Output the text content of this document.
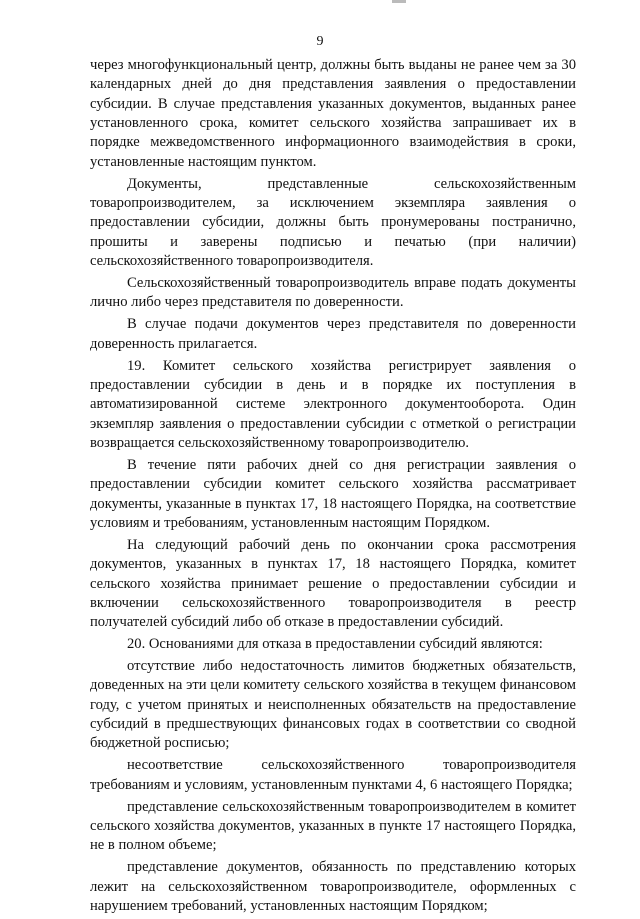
9

через многофункциональный центр, должны быть выданы не ранее чем за 30 календарных дней до дня представления заявления о предоставлении субсидии. В случае представления указанных документов, выданных ранее установленного срока, комитет сельского хозяйства запрашивает их в порядке межведомственного информационного взаимодействия в сроки, установленные настоящим пунктом.

Документы, представленные сельскохозяйственным товаропроизводителем, за исключением экземпляра заявления о предоставлении субсидии, должны быть пронумерованы постранично, прошиты и заверены подписью и печатью (при наличии) сельскохозяйственного товаропроизводителя.

Сельскохозяйственный товаропроизводитель вправе подать документы лично либо через представителя по доверенности.

В случае подачи документов через представителя по доверенности доверенность прилагается.

19. Комитет сельского хозяйства регистрирует заявления о предоставлении субсидии в день и в порядке их поступления в автоматизированной системе электронного документооборота. Один экземпляр заявления о предоставлении субсидии с отметкой о регистрации возвращается сельскохозяйственному товаропроизводителю.

В течение пяти рабочих дней со дня регистрации заявления о предоставлении субсидии комитет сельского хозяйства рассматривает документы, указанные в пунктах 17, 18 настоящего Порядка, на соответствие условиям и требованиям, установленным настоящим Порядком.

На следующий рабочий день по окончании срока рассмотрения документов, указанных в пунктах 17, 18 настоящего Порядка, комитет сельского хозяйства принимает решение о предоставлении субсидии и включении сельскохозяйственного товаропроизводителя в реестр получателей субсидий либо об отказе в предоставлении субсидий.

20. Основаниями для отказа в предоставлении субсидий являются:

отсутствие либо недостаточность лимитов бюджетных обязательств, доведенных на эти цели комитету сельского хозяйства в текущем финансовом году, с учетом принятых и неисполненных обязательств на предоставление субсидий в предшествующих финансовых годах в соответствии со сводной бюджетной росписью;

несоответствие сельскохозяйственного товаропроизводителя требованиям и условиям, установленным пунктами 4, 6 настоящего Порядка;

представление сельскохозяйственным товаропроизводителем в комитет сельского хозяйства документов, указанных в пункте 17 настоящего Порядка, не в полном объеме;

представление документов, обязанность по представлению которых лежит на сельскохозяйственном товаропроизводителе, оформленных с нарушением требований, установленных настоящим Порядком;
